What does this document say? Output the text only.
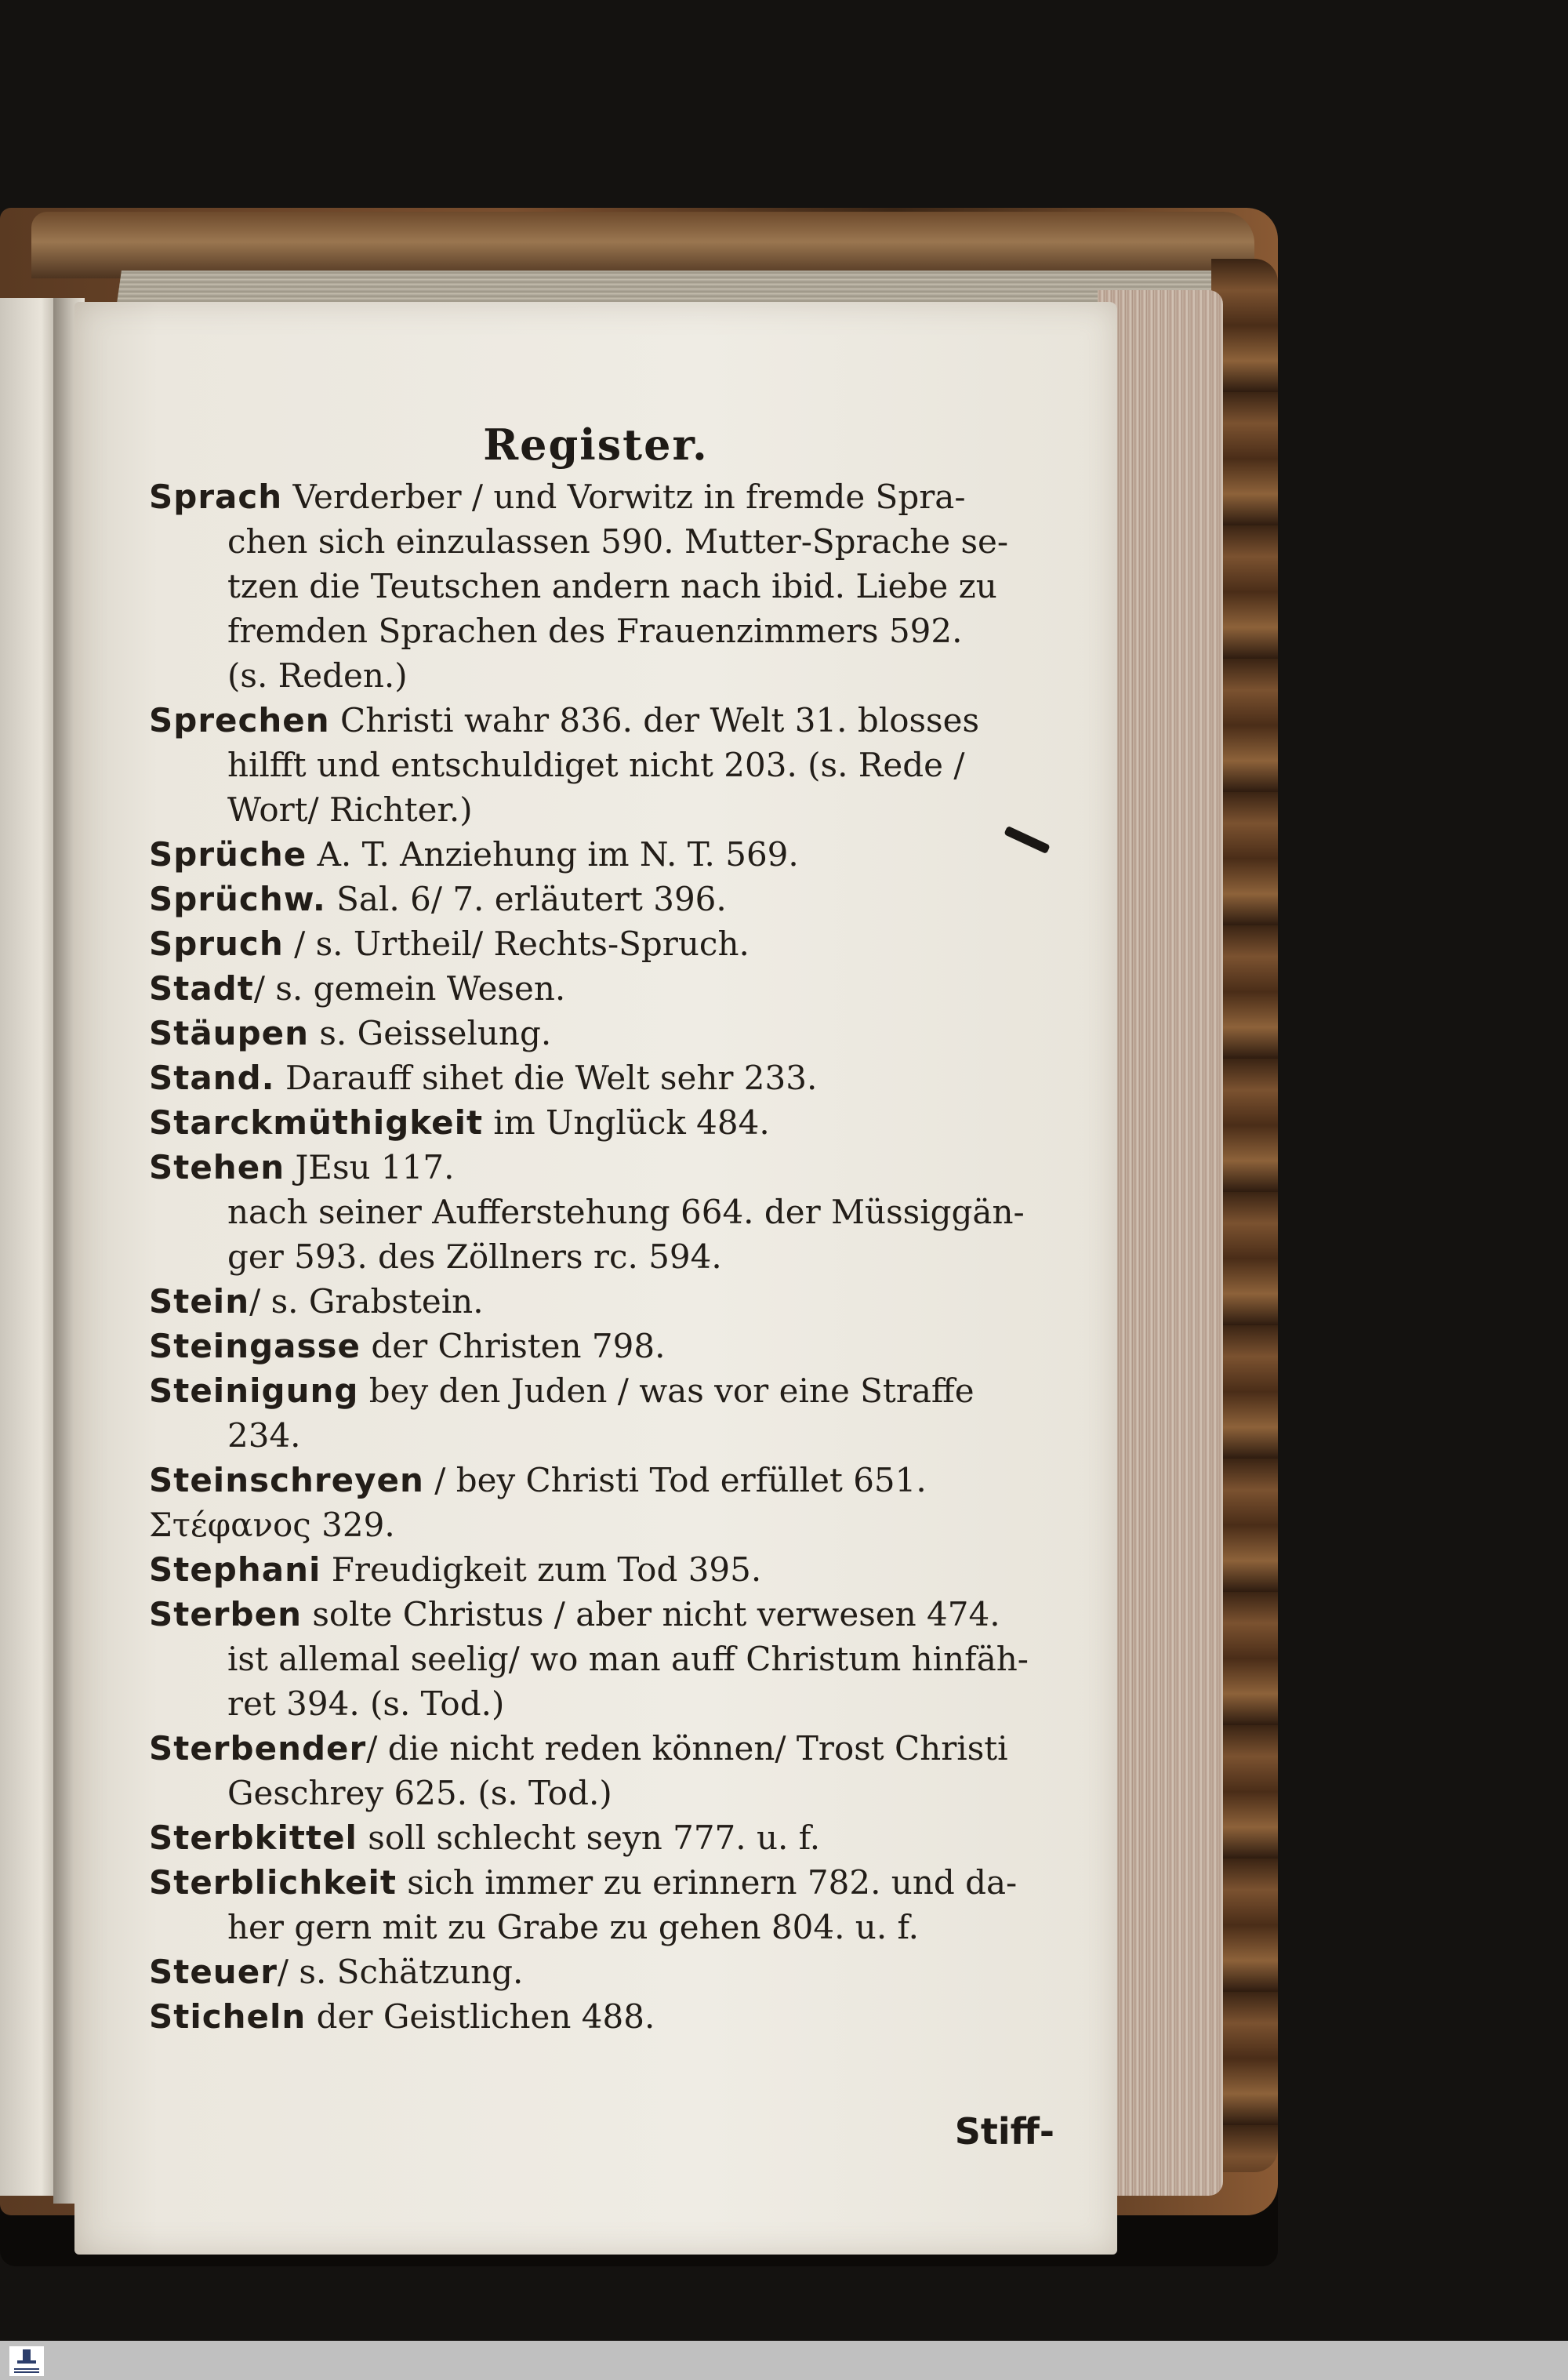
Register.

Sprach Verderber / und Vorwitz in fremde Spra-

chen sich einzulassen 590. Mutter-Sprache se-

tzen die Teutschen andern nach ibid. Liebe zu

fremden Sprachen des Frauenzimmers 592.

(s. Reden.)

Sprechen Christi wahr 836. der Welt 31. blosses

hilfft und entschuldiget nicht 203. (s. Rede /

Wort/ Richter.)

Sprüche A. T. Anziehung im N. T. 569.

Sprüchw. Sal. 6/ 7. erläutert 396.

Spruch / s. Urtheil/ Rechts-Spruch.

Stadt/ s. gemein Wesen.

Stäupen s. Geisselung.

Stand. Darauff sihet die Welt sehr 233.

Starckmüthigkeit im Unglück 484.

Stehen JEsu 117.

nach seiner Aufferstehung 664. der Müssiggän-

ger 593. des Zöllners rc. 594.

Stein/ s. Grabstein.

Steingasse der Christen 798.

Steinigung bey den Juden / was vor eine Straffe

234.

Steinschreyen / bey Christi Tod erfüllet 651.

Στέφανος 329.

Stephani Freudigkeit zum Tod 395.

Sterben solte Christus / aber nicht verwesen 474.

ist allemal seelig/ wo man auff Christum hinfäh-

ret 394. (s. Tod.)

Sterbender/ die nicht reden können/ Trost Christi

Geschrey 625. (s. Tod.)

Sterbkittel soll schlecht seyn 777. u. f.

Sterblichkeit sich immer zu erinnern 782. und da-

her gern mit zu Grabe zu gehen 804. u. f.

Steuer/ s. Schätzung.

Sticheln der Geistlichen 488.

Stiff-
